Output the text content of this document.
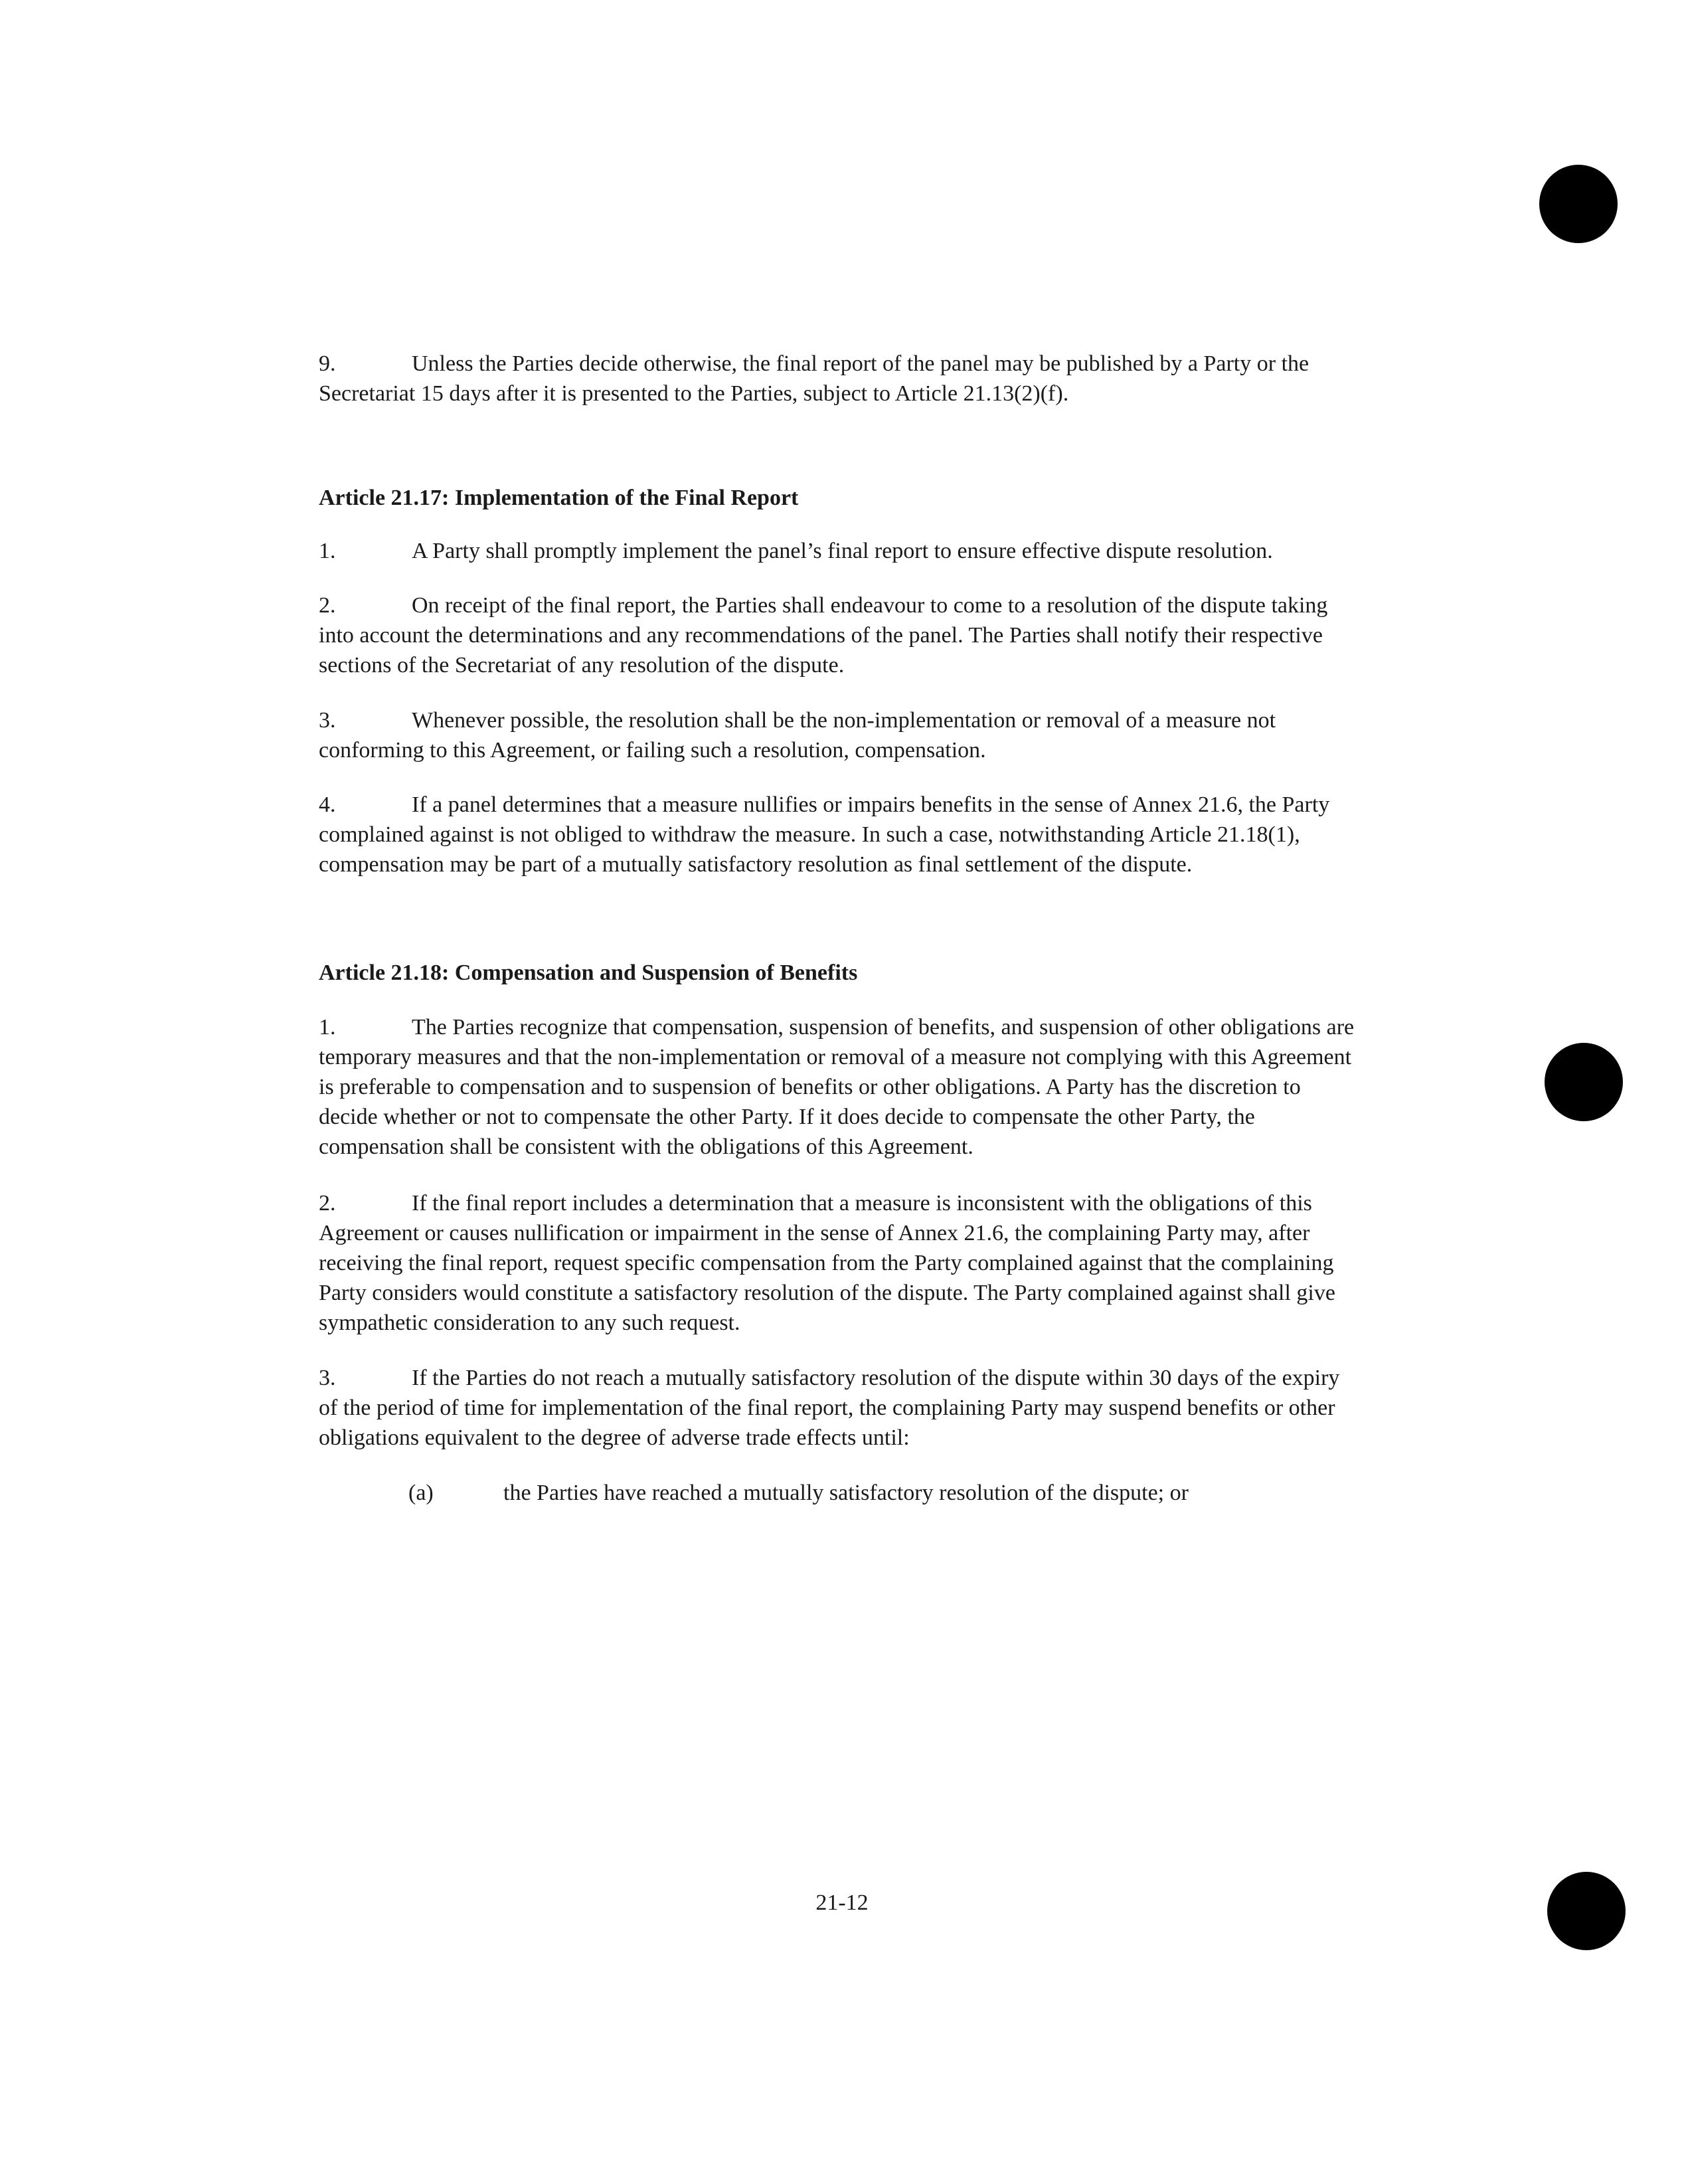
9.	Unless the Parties decide otherwise, the final report of the panel may be published by a Party or the Secretariat 15 days after it is presented to the Parties, subject to Article 21.13(2)(f).

Article 21.17: Implementation of the Final Report

1.	A Party shall promptly implement the panel’s final report to ensure effective dispute resolution.

2.	On receipt of the final report, the Parties shall endeavour to come to a resolution of the dispute taking into account the determinations and any recommendations of the panel. The Parties shall notify their respective sections of the Secretariat of any resolution of the dispute.

3.	Whenever possible, the resolution shall be the non-implementation or removal of a measure not conforming to this Agreement, or failing such a resolution, compensation.

4.	If a panel determines that a measure nullifies or impairs benefits in the sense of Annex 21.6, the Party complained against is not obliged to withdraw the measure. In such a case, notwithstanding Article 21.18(1), compensation may be part of a mutually satisfactory resolution as final settlement of the dispute.

Article 21.18: Compensation and Suspension of Benefits

1.	The Parties recognize that compensation, suspension of benefits, and suspension of other obligations are temporary measures and that the non-implementation or removal of a measure not complying with this Agreement is preferable to compensation and to suspension of benefits or other obligations. A Party has the discretion to decide whether or not to compensate the other Party. If it does decide to compensate the other Party, the compensation shall be consistent with the obligations of this Agreement.

2.	If the final report includes a determination that a measure is inconsistent with the obligations of this Agreement or causes nullification or impairment in the sense of Annex 21.6, the complaining Party may, after receiving the final report, request specific compensation from the Party complained against that the complaining Party considers would constitute a satisfactory resolution of the dispute. The Party complained against shall give sympathetic consideration to any such request.

3.	If the Parties do not reach a mutually satisfactory resolution of the dispute within 30 days of the expiry of the period of time for implementation of the final report, the complaining Party may suspend benefits or other obligations equivalent to the degree of adverse trade effects until:

(a)	the Parties have reached a mutually satisfactory resolution of the dispute; or

21-12
